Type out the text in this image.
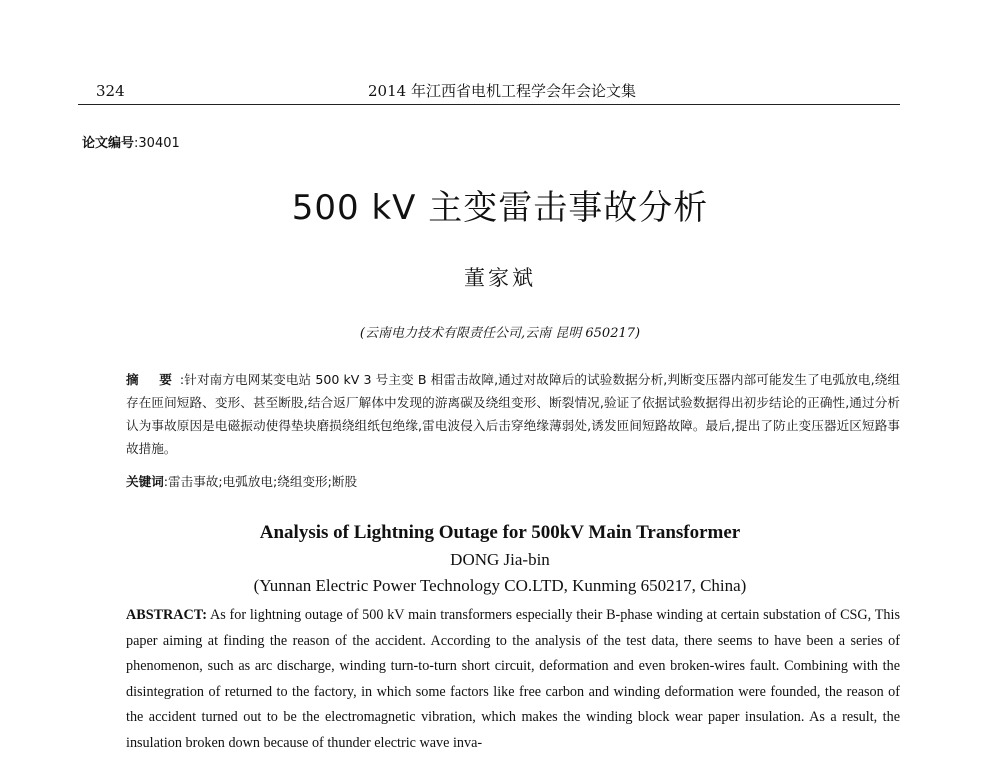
324	2014 年江西省电机工程学会年会论文集
论文编号:30401
500 kV 主变雷击事故分析
董家斌
(云南电力技术有限责任公司,云南 昆明 650217)
摘 要:针对南方电网某变电站 500 kV 3 号主变 B 相雷击故障,通过对故障后的试验数据分析,判断变压器内部可能发生了电弧放电,绕组存在匝间短路、变形、甚至断股,结合返厂解体中发现的游离碳及绕组变形、断裂情况,验证了依据试验数据得出初步结论的正确性,通过分析认为事故原因是电磁振动使得垫块磨损绕组纸包绝缘,雷电波侵入后击穿绝缘薄弱处,诱发匝间短路故障。最后,提出了防止变压器近区短路事故措施。
关键词:雷击事故;电弧放电;绕组变形;断股
Analysis of Lightning Outage for 500kV Main Transformer
DONG Jia-bin
(Yunnan Electric Power Technology CO.LTD, Kunming 650217, China)
ABSTRACT: As for lightning outage of 500 kV main transformers especially their B-phase winding at certain substation of CSG, This paper aiming at finding the reason of the accident. According to the analysis of the test data, there seems to have been a series of phenomenon, such as arc discharge, winding turn-to-turn short circuit, deformation and even broken-wires fault. Combining with the disintegration of returned to the factory, in which some factors like free carbon and winding deformation were founded, the reason of the accident turned out to be the electromagnetic vibration, which makes the winding block wear paper insulation. As a result, the insulation broken down because of thunder electric wave inva-
